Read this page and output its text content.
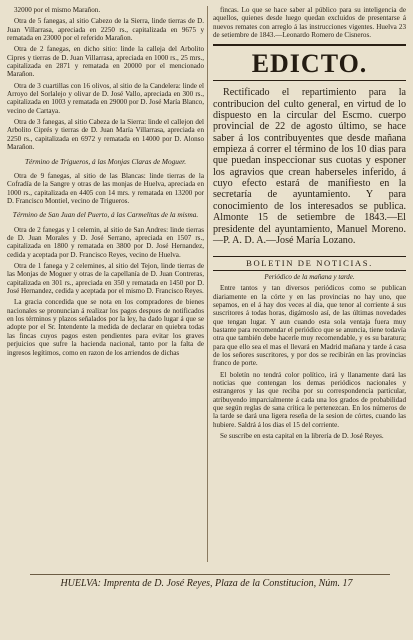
32000 por el mismo Marañon.

Otra de 5 fanegas, al sitio Cabezo de la Sierra, linde tierras de D. Juan Villarrasa, apreciada en 2250 rs., capitalizada en 9675 y rematada en 23000 por el referido Marañon.

Otra de 2 fanegas, en dicho sitio: linde la calleja del Arbolito Cipres y tierras de D. Juan Villarrasa, apreciada en 1000 rs., 25 mrs., capitalizada en 2871 y rematada en 20000 por el mencionado Marañon.

Otra de 3 cuartillas con 16 olivos, al sitio de la Candelera: linde el Arroyo del Sorlalejo y olivar de D. José Vallo, apreciada en 300 rs., capitalizada en 1003 y rematada en 29000 por D. José María Blanco, vecino de Cartaya.

Otra de 3 fanegas, al sitio Cabeza de la Sierra: linde el callejon del Arbolito Ciprés y tierras de D. Juan María Villarrasa, apreciada en 2250 rs., capitalizada en 6972 y rematada en 14000 por D. Alonso Marañon.

Término de Trigueros, á las Monjas Claras de Moguer.

Otra de 9 fanegas, al sitio de las Blancas: linde tierras de la Cofradía de la Sangre y otras de las monjas de Huelva, apreciada en 1000 rs., capitalizada en 4405 con 14 mrs. y rematada en 13200 por D. Francisco Montiel, vecino de Trigueros.

Término de San Juan del Puerto, á las Carmelitas de la misma.

Otra de 2 fanegas y 1 celemin, al sitio de San Andres: linde tierras de D. Juan Morales y D. José Serrano, apreciada en 1507 rs., capitalizada en 1800 y rematada en 3800 por D. José Hernandez, cedida y aceptada por D. Francisco Reyes, vecino de Huelva.

Otra de 1 fanega y 2 celemines, al sitio del Tejon, linde tierras de las Monjas de Moguer y otras de la capellanía de D. Juan Contreras, capitalizada en 301 rs., apreciada en 350 y rematada en 1450 por D. José Hernandez, cedida y aceptada por el mismo D. Francisco Reyes.

La gracia concedida que se nota en los compradores de bienes nacionales se pronuncian á realizar los pagos despues de notificados en los términos y plazos señalados por la ley, ha dado lugar á que se adopte por el Sr. Intendente la medida de declarar en quiebra todas las fincas cuyos pagos esten pendientes para evitar los graves perjuicios que sufre la hacienda nacional, tanto por la falta de ingresos legítimos, como en razon de los arriendos de dichas

fincas. Lo que se hace saber al público para su inteligencia de aquellos, quienes desde luego quedan excluidos de presentarse á nuevos remates con arreglo á las instrucciones vigentes. Huelva 23 de setiembre de 1843.—Leonardo Romero de Cisneros.

EDICTO.

Rectificado el repartimiento para la contribucion del culto general, en virtud de lo dispuesto en la circular del Escmo. cuerpo provincial de 22 de agosto último, se hace saber á los contribuyentes que desde mañana empieza á correr el término de los 10 dias para que puedan inspeccionar sus cuotas y esponer los agravios que crean haberseles inferido, á cuyo efecto estará de manifiesto en la secretaría de ayuntamiento. Y para conocimiento de los interesados se publica. Almonte 15 de setiembre de 1843.—El presidente del ayuntamiento, Manuel Moreno.—P. A. D. A.—José María Lozano.

BOLETIN DE NOTICIAS.

Periódico de la mañana y tarde.

Entre tantos y tan diversos periódicos como se publican diariamente en la córte y en las provincias no hay uno, que sepamos, en el á hay dos veces al dia, que tenor al corriente á sus suscritores á todas horas, digámoslo así, de las últimas novedades que tengan lugar. Y aun cuando esta sola ventaja fuera muy bastante para recomendar el periódico que se anuncia, tiene todavía otra que también debe hacerle muy recomendable, y es su baratura; para que ello sea el mas el llevará en Madrid mañana y tarde á casa de los señores suscritores, y por dos se recibirán en las provincias franco de porte.

El boletín no tendrá color político, irá y llanamente dará las noticias que contengan los demas periódicos nacionales y estrangeros y las que reciba por su correspondencia particular, atribuyendo imparcialmente á cada una los grados de probabilidad que según reglas de sana crítica le pertenezcan. En los números de la tarde se dará una ligera reseña de la sesion de córtes, cuando las hubiere. Saldrá á los dias el 15 del corriente.

Se suscribe en esta capital en la librería de D. José Reyes.

HUELVA: Imprenta de D. José Reyes, Plaza de la Constitucion, Núm. 17
